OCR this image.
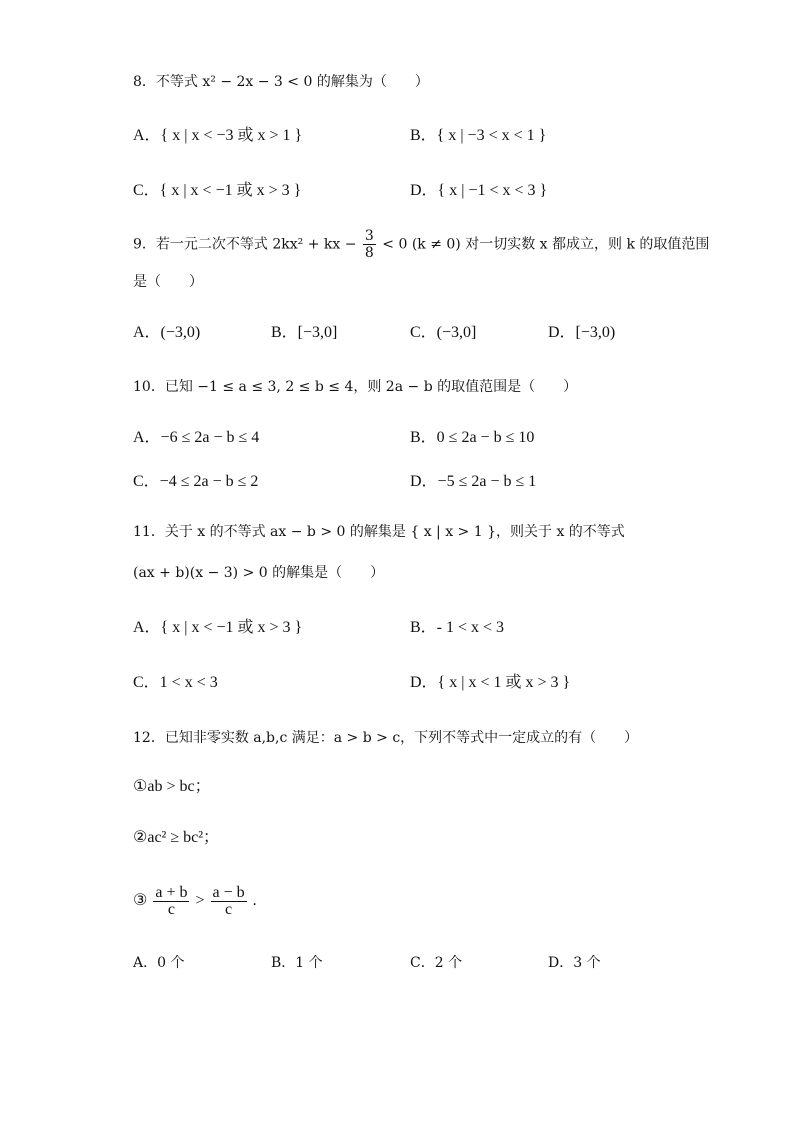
8．不等式 x² − 2x − 3 < 0 的解集为（　　）
A．{ x | x < −3 或 x > 1 }	B．{ x | −3 < x < 1 }
C．{ x | x < −1 或 x > 3 }	D．{ x | −1 < x < 3 }
9．若一元二次不等式 2kx² + kx − $\frac{3}{8} < 0$ (k ≠ 0) 对一切实数 x 都成立，则 k 的取值范围
是（　　）
A．(−3,0)	B．[−3,0]	C．(−3,0]	D．[−3,0)
10．已知 −1 ≤ a ≤ 3, 2 ≤ b ≤ 4，则 2a − b 的取值范围是（　　）
A．−6 ≤ 2a − b ≤ 4	B．0 ≤ 2a − b ≤ 10
C．−4 ≤ 2a − b ≤ 2	D．−5 ≤ 2a − b ≤ 1
11．关于 x 的不等式 ax − b > 0 的解集是 { x | x > 1 }，则关于 x 的不等式
(ax + b)(x − 3) > 0 的解集是（　　）
A．{ x | x < −1 或 x > 3 }	B．- 1 < x < 3
C．1 < x < 3	D．{ x | x < 1 或 x > 3 }
12．已知非零实数 a,b,c 满足：a > b > c，下列不等式中一定成立的有（　　）
①ab > bc；
②ac² ≥ bc²；
③ $\frac{a + b}{c} > \frac{a - b}{c}$ .
A．0 个	B．1 个	C．2 个	D．3 个
